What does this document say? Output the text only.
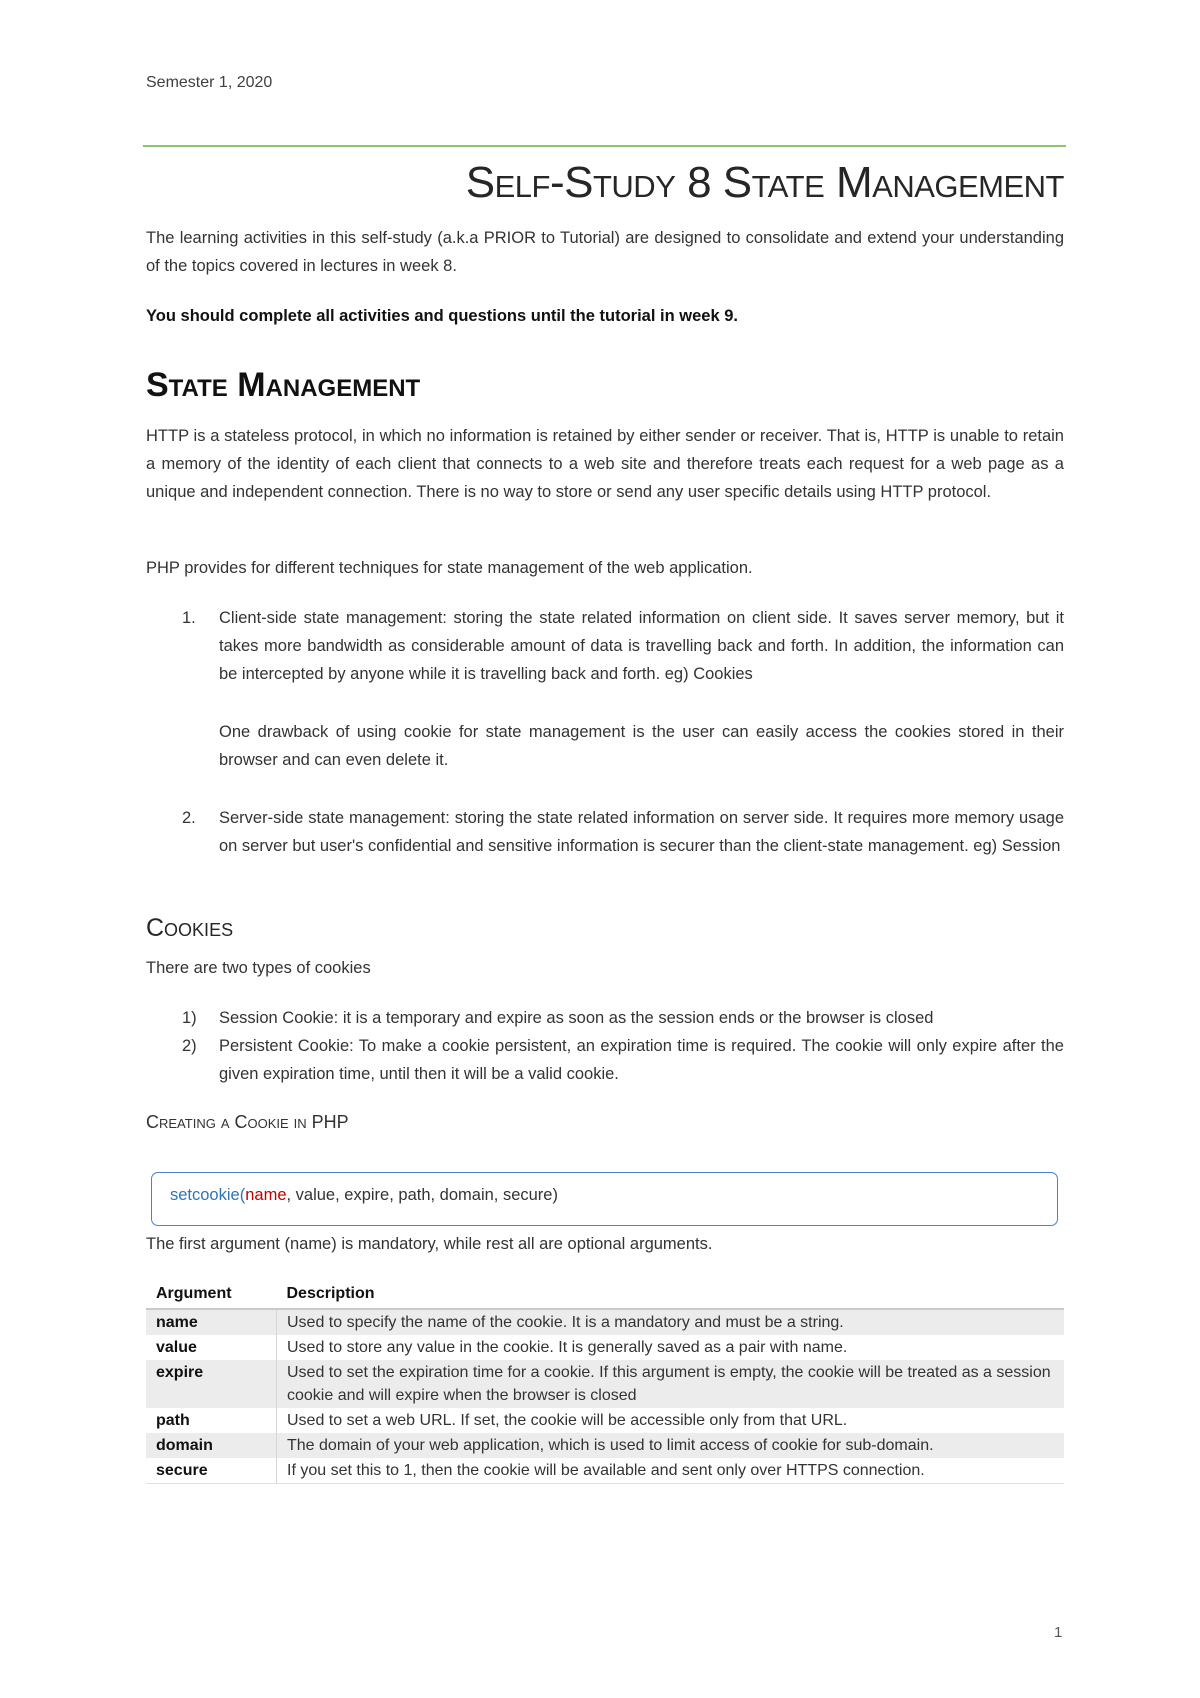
Semester 1, 2020
Self-Study 8 State Management
The learning activities in this self-study (a.k.a PRIOR to Tutorial) are designed to consolidate and extend your understanding of the topics covered in lectures in week 8.
You should complete all activities and questions until the tutorial in week 9.
State Management
HTTP is a stateless protocol, in which no information is retained by either sender or receiver. That is, HTTP is unable to retain a memory of the identity of each client that connects to a web site and therefore treats each request for a web page as a unique and independent connection. There is no way to store or send any user specific details using HTTP protocol.
PHP provides for different techniques for state management of the web application.
1. Client-side state management: storing the state related information on client side. It saves server memory, but it takes more bandwidth as considerable amount of data is travelling back and forth. In addition, the information can be intercepted by anyone while it is travelling back and forth. eg) Cookies
One drawback of using cookie for state management is the user can easily access the cookies stored in their browser and can even delete it.
2. Server-side state management: storing the state related information on server side. It requires more memory usage on server but user's confidential and sensitive information is securer than the client-state management. eg) Session
Cookies
There are two types of cookies
1) Session Cookie: it is a temporary and expire as soon as the session ends or the browser is closed
2) Persistent Cookie: To make a cookie persistent, an expiration time is required. The cookie will only expire after the given expiration time, until then it will be a valid cookie.
Creating a Cookie in PHP
setcookie(name, value, expire, path, domain, secure)
The first argument (name) is mandatory, while rest all are optional arguments.
Argument	Description
name	Used to specify the name of the cookie. It is a mandatory and must be a string.
value	Used to store any value in the cookie. It is generally saved as a pair with name.
expire	Used to set the expiration time for a cookie. If this argument is empty, the cookie will be treated as a session cookie and will expire when the browser is closed
path	Used to set a web URL. If set, the cookie will be accessible only from that URL.
domain	The domain of your web application, which is used to limit access of cookie for sub-domain.
secure	If you set this to 1, then the cookie will be available and sent only over HTTPS connection.
1
